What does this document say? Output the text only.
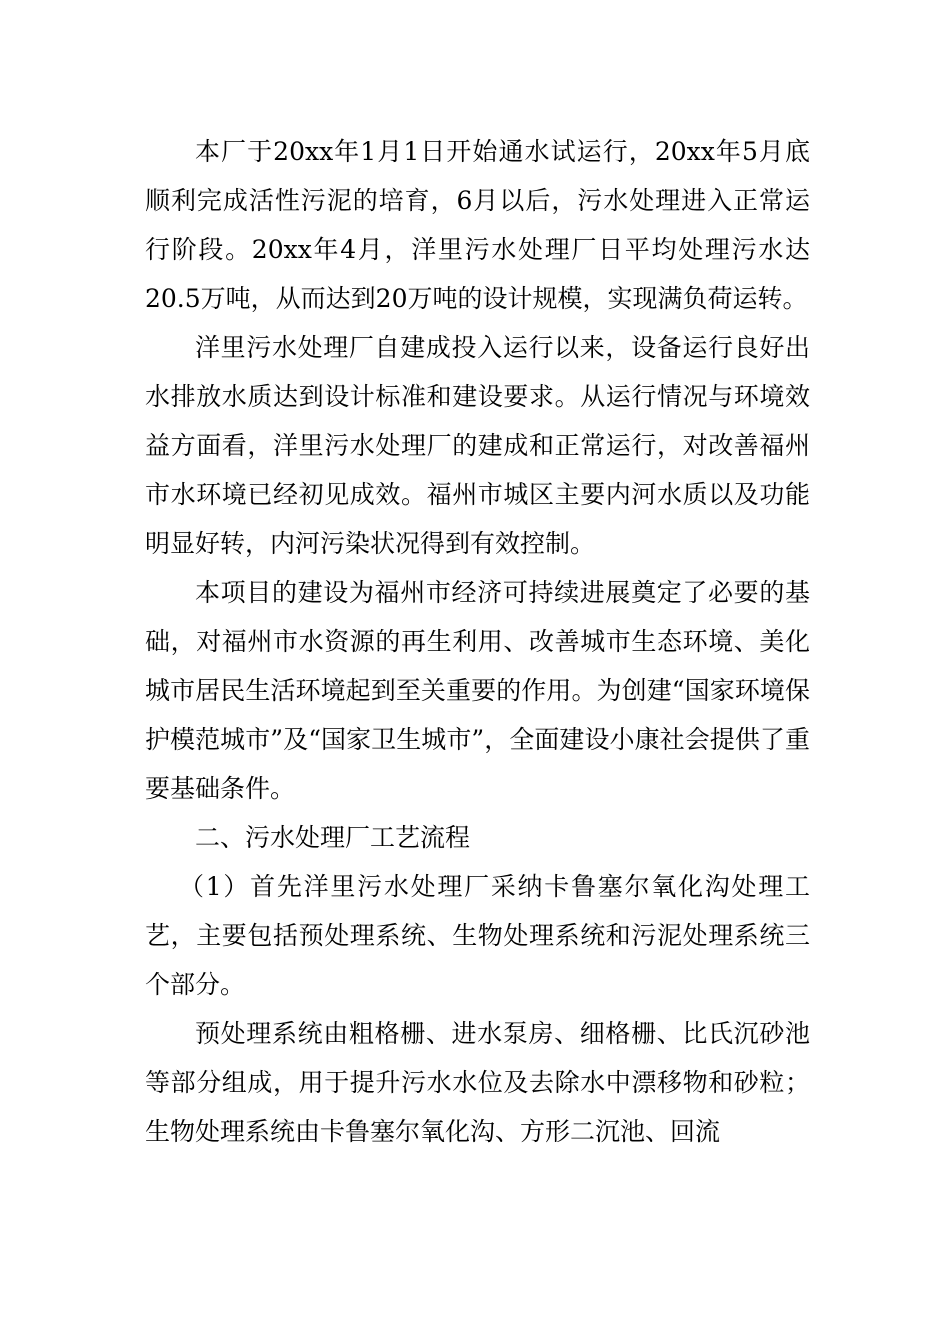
本厂于20xx年1月1日开始通水试运行，20xx年5月底顺利完成活性污泥的培育，6月以后，污水处理进入正常运行阶段。20xx年4月，洋里污水处理厂日平均处理污水达20.5万吨，从而达到20万吨的设计规模，实现满负荷运转。

洋里污水处理厂自建成投入运行以来，设备运行良好出水排放水质达到设计标准和建设要求。从运行情况与环境效益方面看，洋里污水处理厂的建成和正常运行，对改善福州市水环境已经初见成效。福州市城区主要内河水质以及功能明显好转，内河污染状况得到有效控制。

本项目的建设为福州市经济可持续进展奠定了必要的基础，对福州市水资源的再生利用、改善城市生态环境、美化城市居民生活环境起到至关重要的作用。为创建“国家环境保护模范城市”及“国家卫生城市”，全面建设小康社会提供了重要基础条件。

二、污水处理厂工艺流程

（1）首先洋里污水处理厂采纳卡鲁塞尔氧化沟处理工艺，主要包括预处理系统、生物处理系统和污泥处理系统三个部分。

预处理系统由粗格栅、进水泵房、细格栅、比氏沉砂池等部分组成，用于提升污水水位及去除水中漂移物和砂粒；生物处理系统由卡鲁塞尔氧化沟、方形二沉池、回流
